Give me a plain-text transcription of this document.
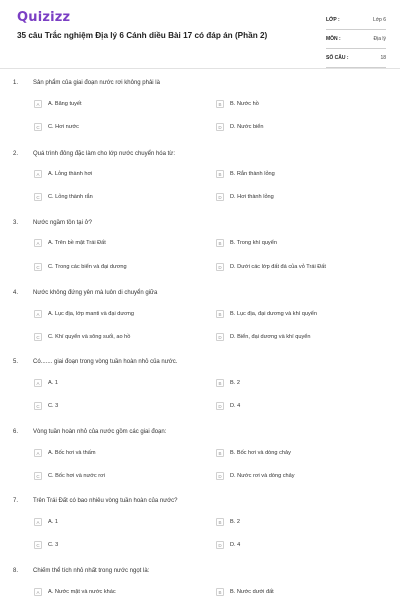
Quizizz
35 câu Trắc nghiệm Địa lý 6 Cánh diều Bài 17 có đáp án (Phần 2)
LỚP :	Lớp 6
MÔN :	Địa lý
SỐ CÂU :	18
1. Sản phẩm của giai đoạn nước rơi không phải là
A	A. Băng tuyết	B	B. Nước hồ
C	C. Hơi nước	D	D. Nước biển
2. Quá trình đông đặc làm cho lớp nước chuyển hóa từ:
A	A. Lỏng thành hơi	B	B. Rắn thành lỏng
C	C. Lỏng thành rắn	D	D. Hơi thành lỏng
3. Nước ngầm tồn tại ở?
A	A. Trên bề mặt Trái Đất	B	B. Trong khí quyển
C	C. Trong các biển và đại dương	D	D. Dưới các lớp đất đá của vỏ Trái Đất
4. Nước không đứng yên mà luôn di chuyển giữa
A	A. Lục địa, lớp manti và đại dương	B	B. Lục địa, đại dương và khí quyển
C	C. Khí quyển và sông suối, ao hồ	D	D. Biển, đại dương và khí quyển
5. Có....... giai đoạn trong vòng tuần hoàn nhỏ của nước.
A	A. 1	B	B. 2
C	C. 3	D	D. 4
6. Vòng tuần hoàn nhỏ của nước gồm các giai đoạn:
A	A. Bốc hơi và thấm	B	B. Bốc hơi và dòng chảy
C	C. Bốc hơi và nước rơi	D	D. Nước rơi và dòng chảy
7. Trên Trái Đất có bao nhiêu vòng tuần hoàn của nước?
A	A. 1	B	B. 2
C	C. 3	D	D. 4
8. Chiếm thể tích nhỏ nhất trong nước ngọt là:
A	A. Nước mặt và nước khác	B	B. Nước dưới đất
